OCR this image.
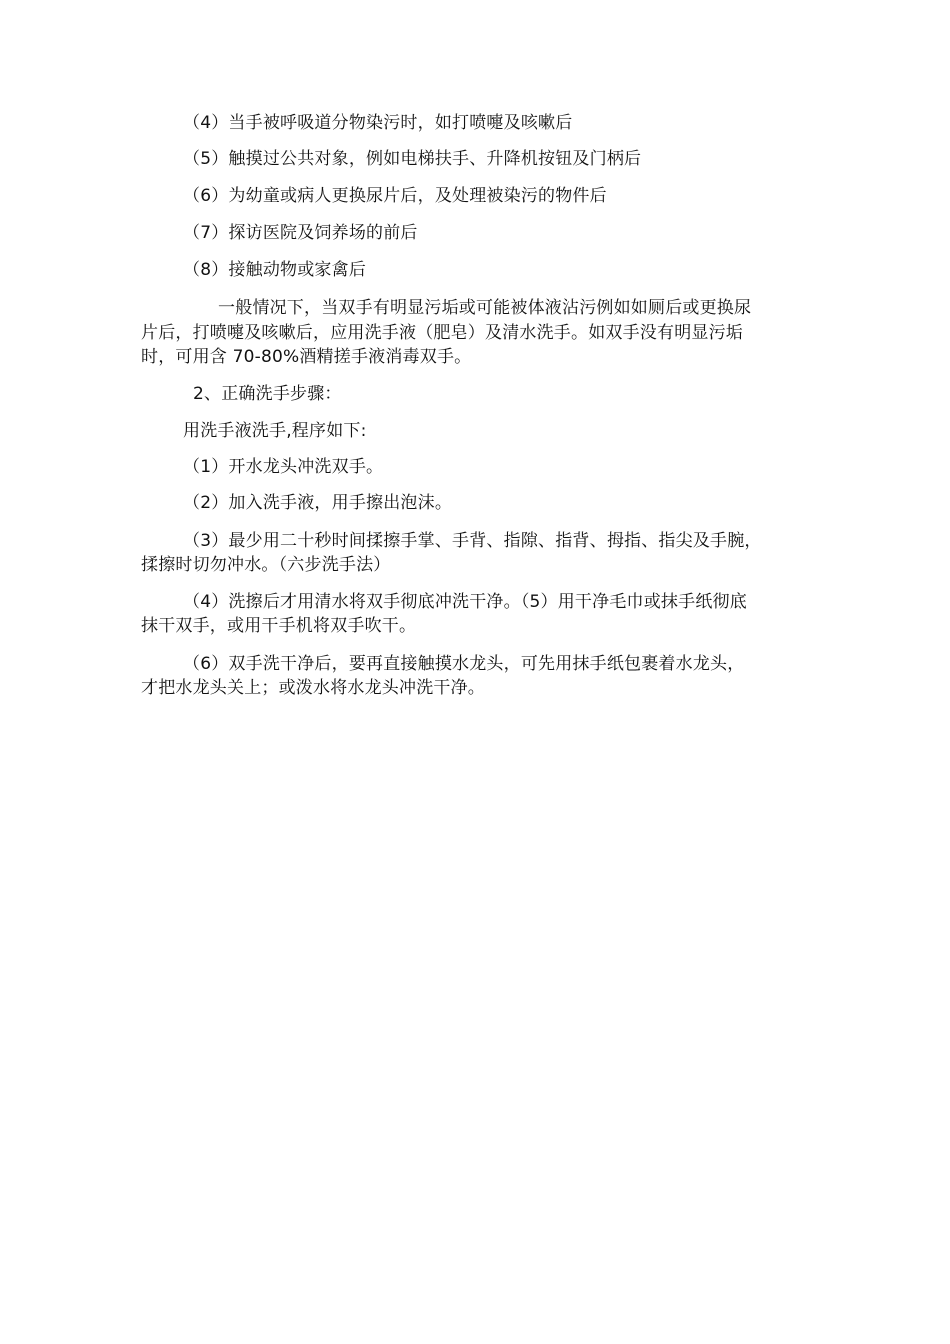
（4）当手被呼吸道分物染污时，如打喷嚏及咳嗽后
（5）触摸过公共对象，例如电梯扶手、升降机按钮及门柄后
（6）为幼童或病人更换尿片后，及处理被染污的物件后
（7）探访医院及饲养场的前后
（8）接触动物或家禽后
一般情况下，当双手有明显污垢或可能被体液沾污例如如厕后或更换尿
片后，打喷嚏及咳嗽后，应用洗手液（肥皂）及清水洗手。如双手没有明显污垢
时，可用含 70-80%酒精搓手液消毒双手。
2、正确洗手步骤：
用洗手液洗手,程序如下:
（1）开水龙头冲洗双手。
（2）加入洗手液，用手擦出泡沫。
（3）最少用二十秒时间揉擦手掌、手背、指隙、指背、拇指、指尖及手腕，
揉擦时切勿冲水。（六步洗手法）
（4）洗擦后才用清水将双手彻底冲洗干净。（5）用干净毛巾或抹手纸彻底
抹干双手，或用干手机将双手吹干。
（6）双手洗干净后，要再直接触摸水龙头，可先用抹手纸包裹着水龙头，
才把水龙头关上；或泼水将水龙头冲洗干净。
